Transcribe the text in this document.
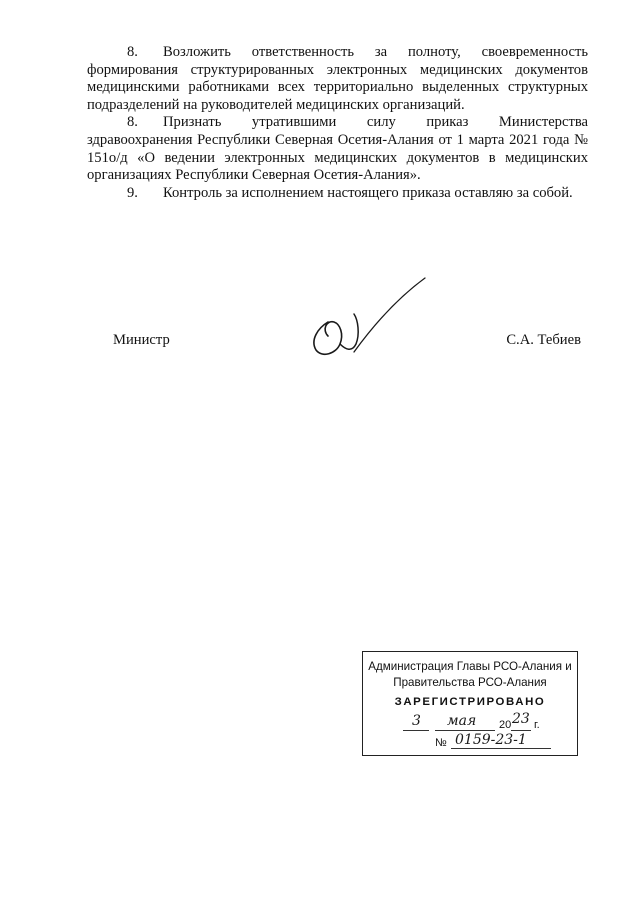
8. Возложить ответственность за полноту, своевременность формирования структурированных электронных медицинских документов медицинскими работниками всех территориально выделенных структурных подразделений на руководителей медицинских организаций.

8. Признать утратившими силу приказ Министерства здравоохранения Республики Северная Осетия-Алания от 1 марта 2021 года № 151о/д «О ведении электронных медицинских документов в медицинских организациях Республики Северная Осетия-Алания».

9. Контроль за исполнением настоящего приказа оставляю за собой.

Министр	С.А. Тебиев
Администрация Главы РСО-Алания и
Правительства РСО-Алания
ЗАРЕГИСТРИРОВАНО
3 мая 20 23 г.
№ 0159-23-1
